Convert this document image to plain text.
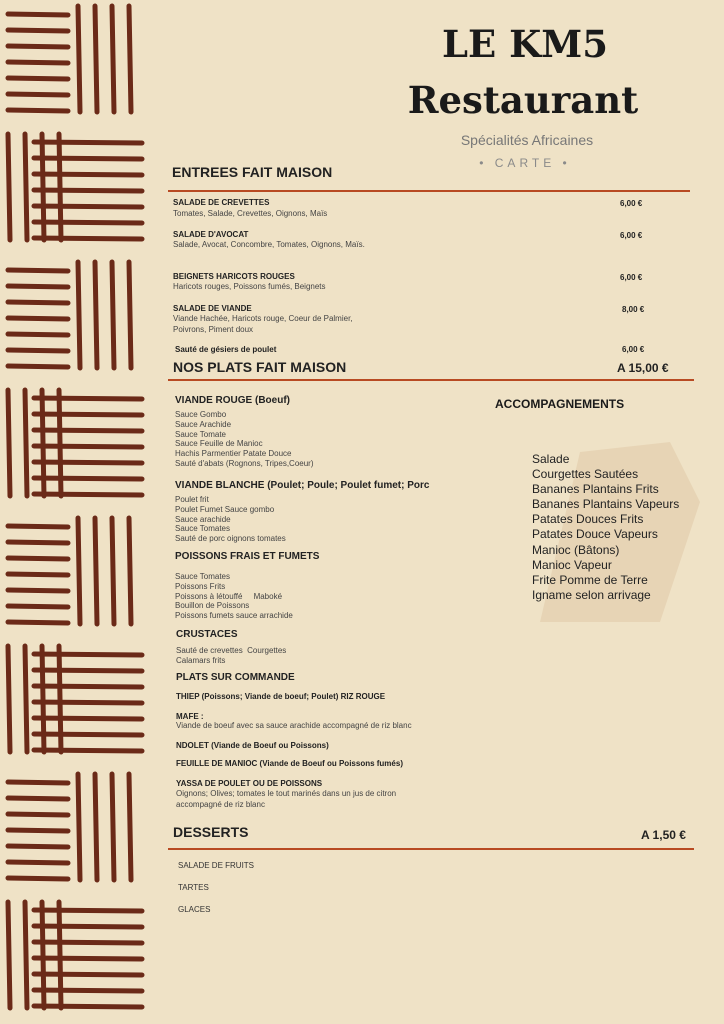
LE KM5
Restaurant
Spécialités Africaines
• CARTE •
ENTREES FAIT MAISON
SALADE DE CREVETTES
Tomates, Salade, Crevettes, Oignons, Maïs
6,00 €
SALADE D'AVOCAT
Salade, Avocat, Concombre, Tomates, Oignons, Maïs.
6,00 €
BEIGNETS HARICOTS ROUGES
Haricots rouges, Poissons fumés, Beignets
6,00 €
SALADE DE VIANDE
Viande Hachée, Haricots rouge, Coeur de Palmier, Poivrons, Piment doux
8,00 €
Sauté de gésiers de poulet	6,00 €
NOS PLATS FAIT MAISON	A 15,00 €
VIANDE ROUGE (Boeuf)
Sauce Gombo
Sauce Arachide
Sauce Tomate
Sauce Feuille de Manioc
Hachis Parmentier Patate Douce
Sauté d'abats (Rognons, Tripes,Coeur)
VIANDE BLANCHE (Poulet; Poule; Poulet fumet; Porc
Poulet frit
Poulet Fumet Sauce gombo
Sauce arachide
Sauce Tomates
Sauté de porc oignons tomates
POISSONS FRAIS ET FUMETS
Sauce Tomates
Poissons Frits
Poissons à létouffé     Maboké
Bouillon de Poissons
Poissons fumets sauce arrachide
CRUSTACES
Sauté de crevettes  Courgettes
Calamars frits
PLATS SUR COMMANDE
THIEP (Poissons; Viande de boeuf; Poulet) RIZ ROUGE
MAFE :
Viande de boeuf avec sa sauce arachide accompagné de riz blanc
NDOLET (Viande de Boeuf ou Poissons)
FEUILLE DE MANIOC (Viande de Boeuf ou Poissons fumés)
YASSA DE POULET OU DE POISSONS
Oignons; Olives; tomates le tout marinés dans un jus de citron accompagné de riz blanc
ACCOMPAGNEMENTS
Salade
Courgettes Sautées
Bananes Plantains Frits
Bananes Plantains Vapeurs
Patates Douces Frits
Patates Douce Vapeurs
Manioc (Bâtons)
Manioc Vapeur
Frite Pomme de Terre
Igname selon arrivage
DESSERTS	A 1,50 €
SALADE DE FRUITS
TARTES
GLACES
